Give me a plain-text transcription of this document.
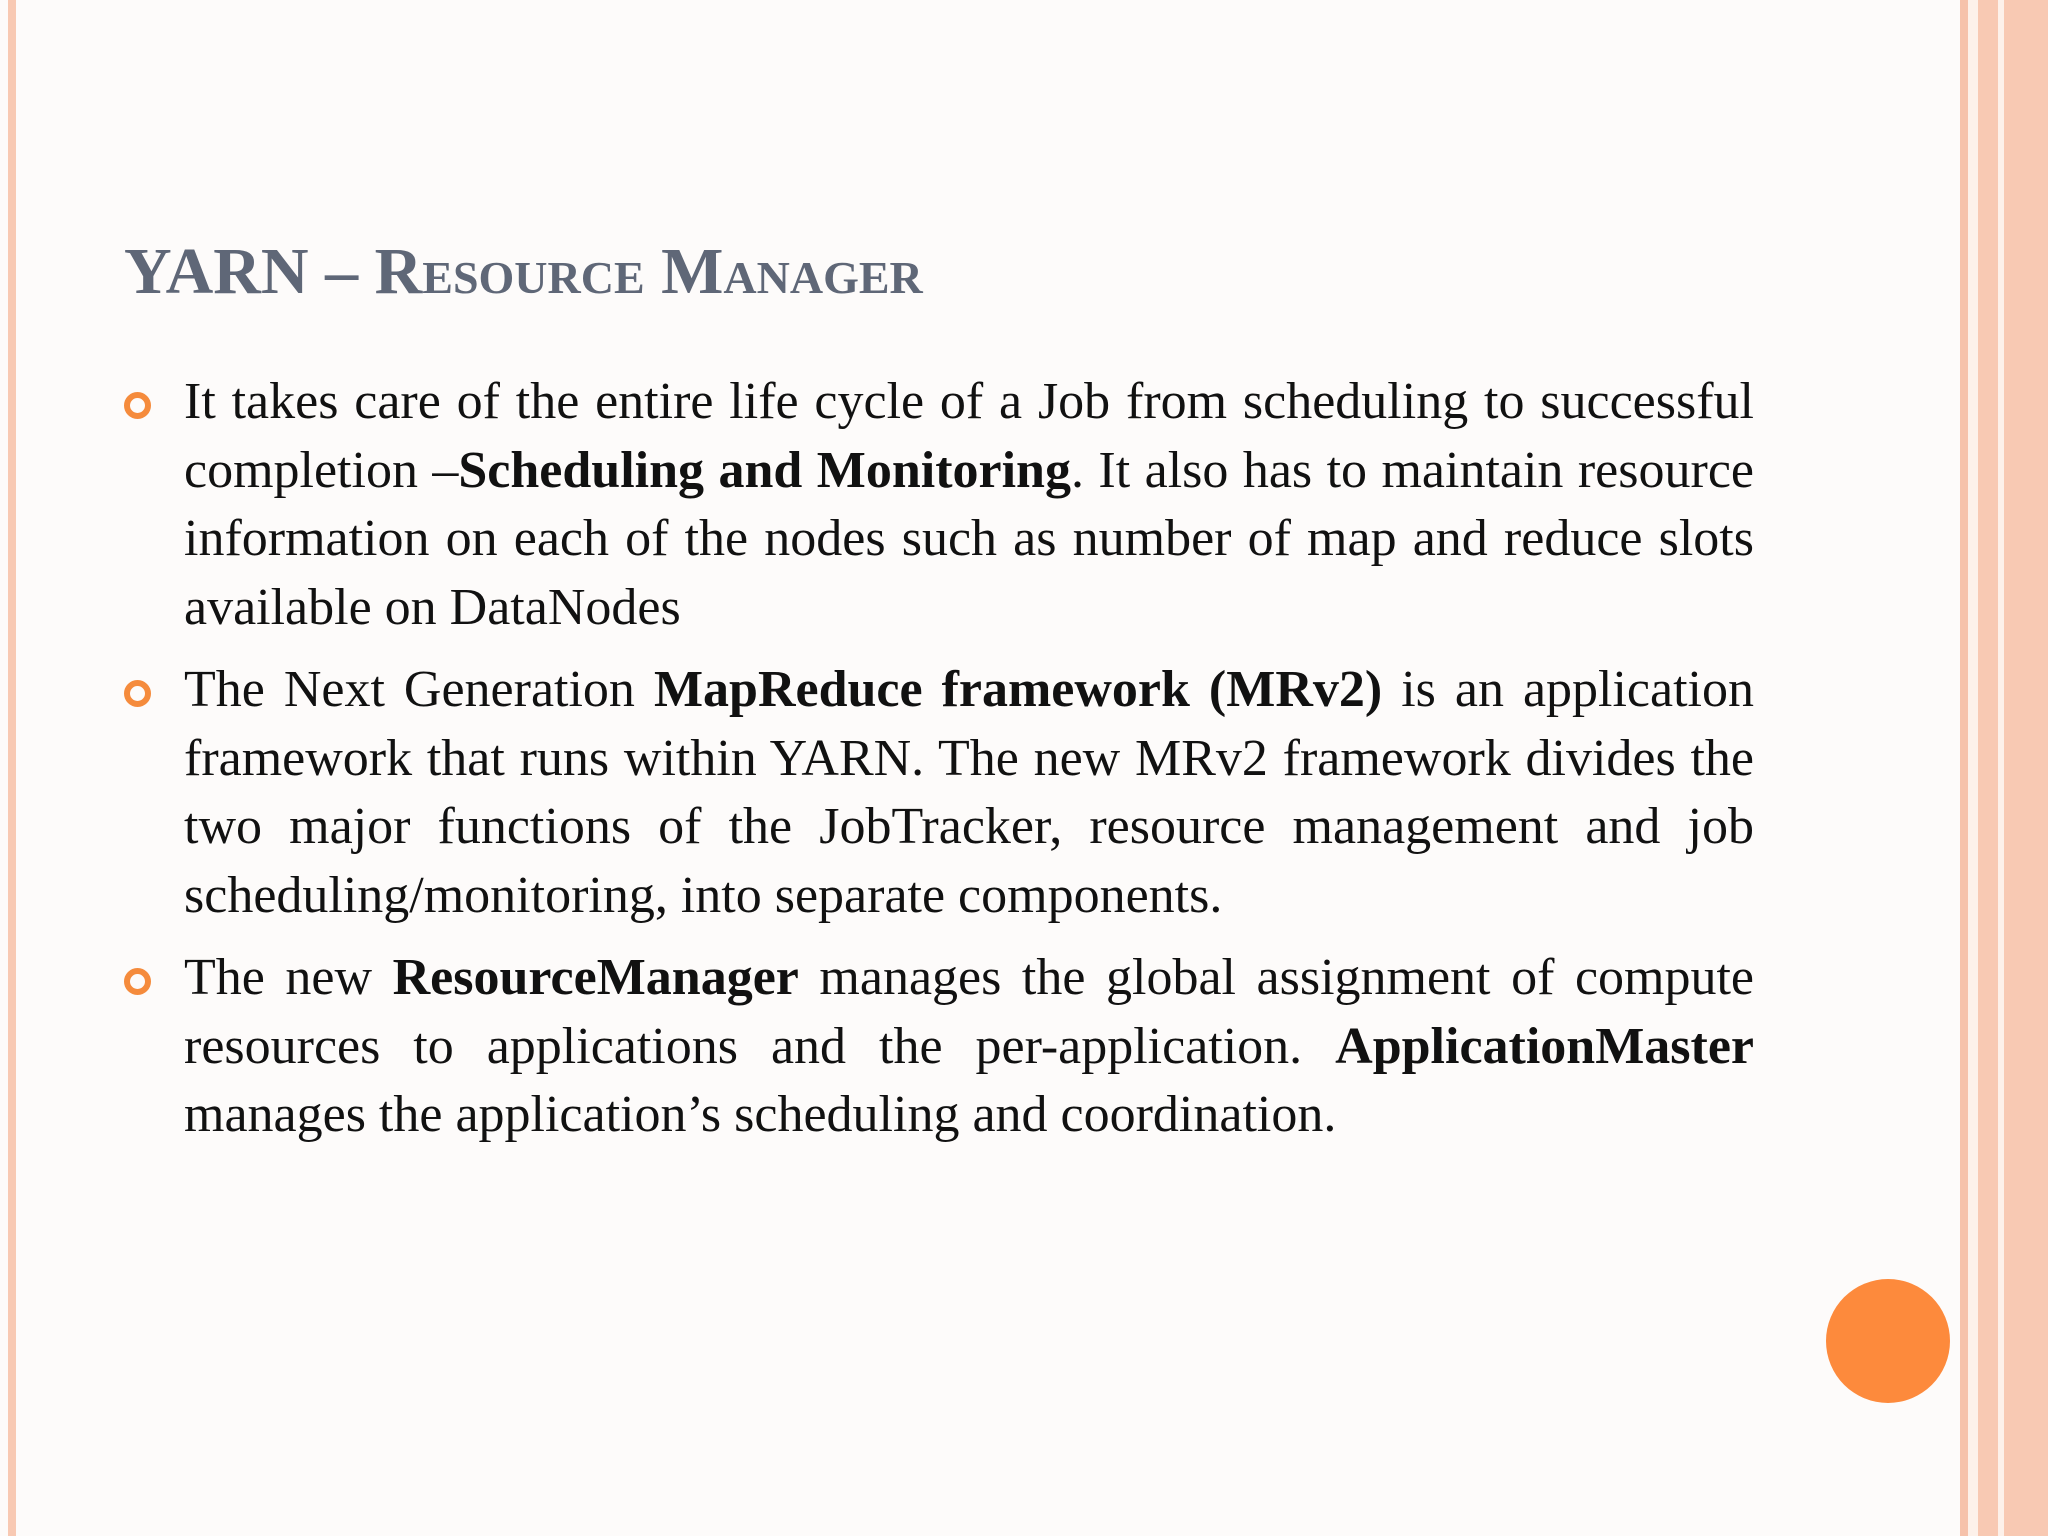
YARN – Resource Manager
It takes care of the entire life cycle of a Job from scheduling to successful completion –Scheduling and Monitoring. It also has to maintain resource information on each of the nodes such as number of map and reduce slots available on DataNodes
The Next Generation MapReduce framework (MRv2) is an application framework that runs within YARN. The new MRv2 framework divides the two major functions of the JobTracker, resource management and job scheduling/monitoring, into separate components.
The new ResourceManager manages the global assignment of compute resources to applications and the per-application. ApplicationMaster manages the application’s scheduling and coordination.
